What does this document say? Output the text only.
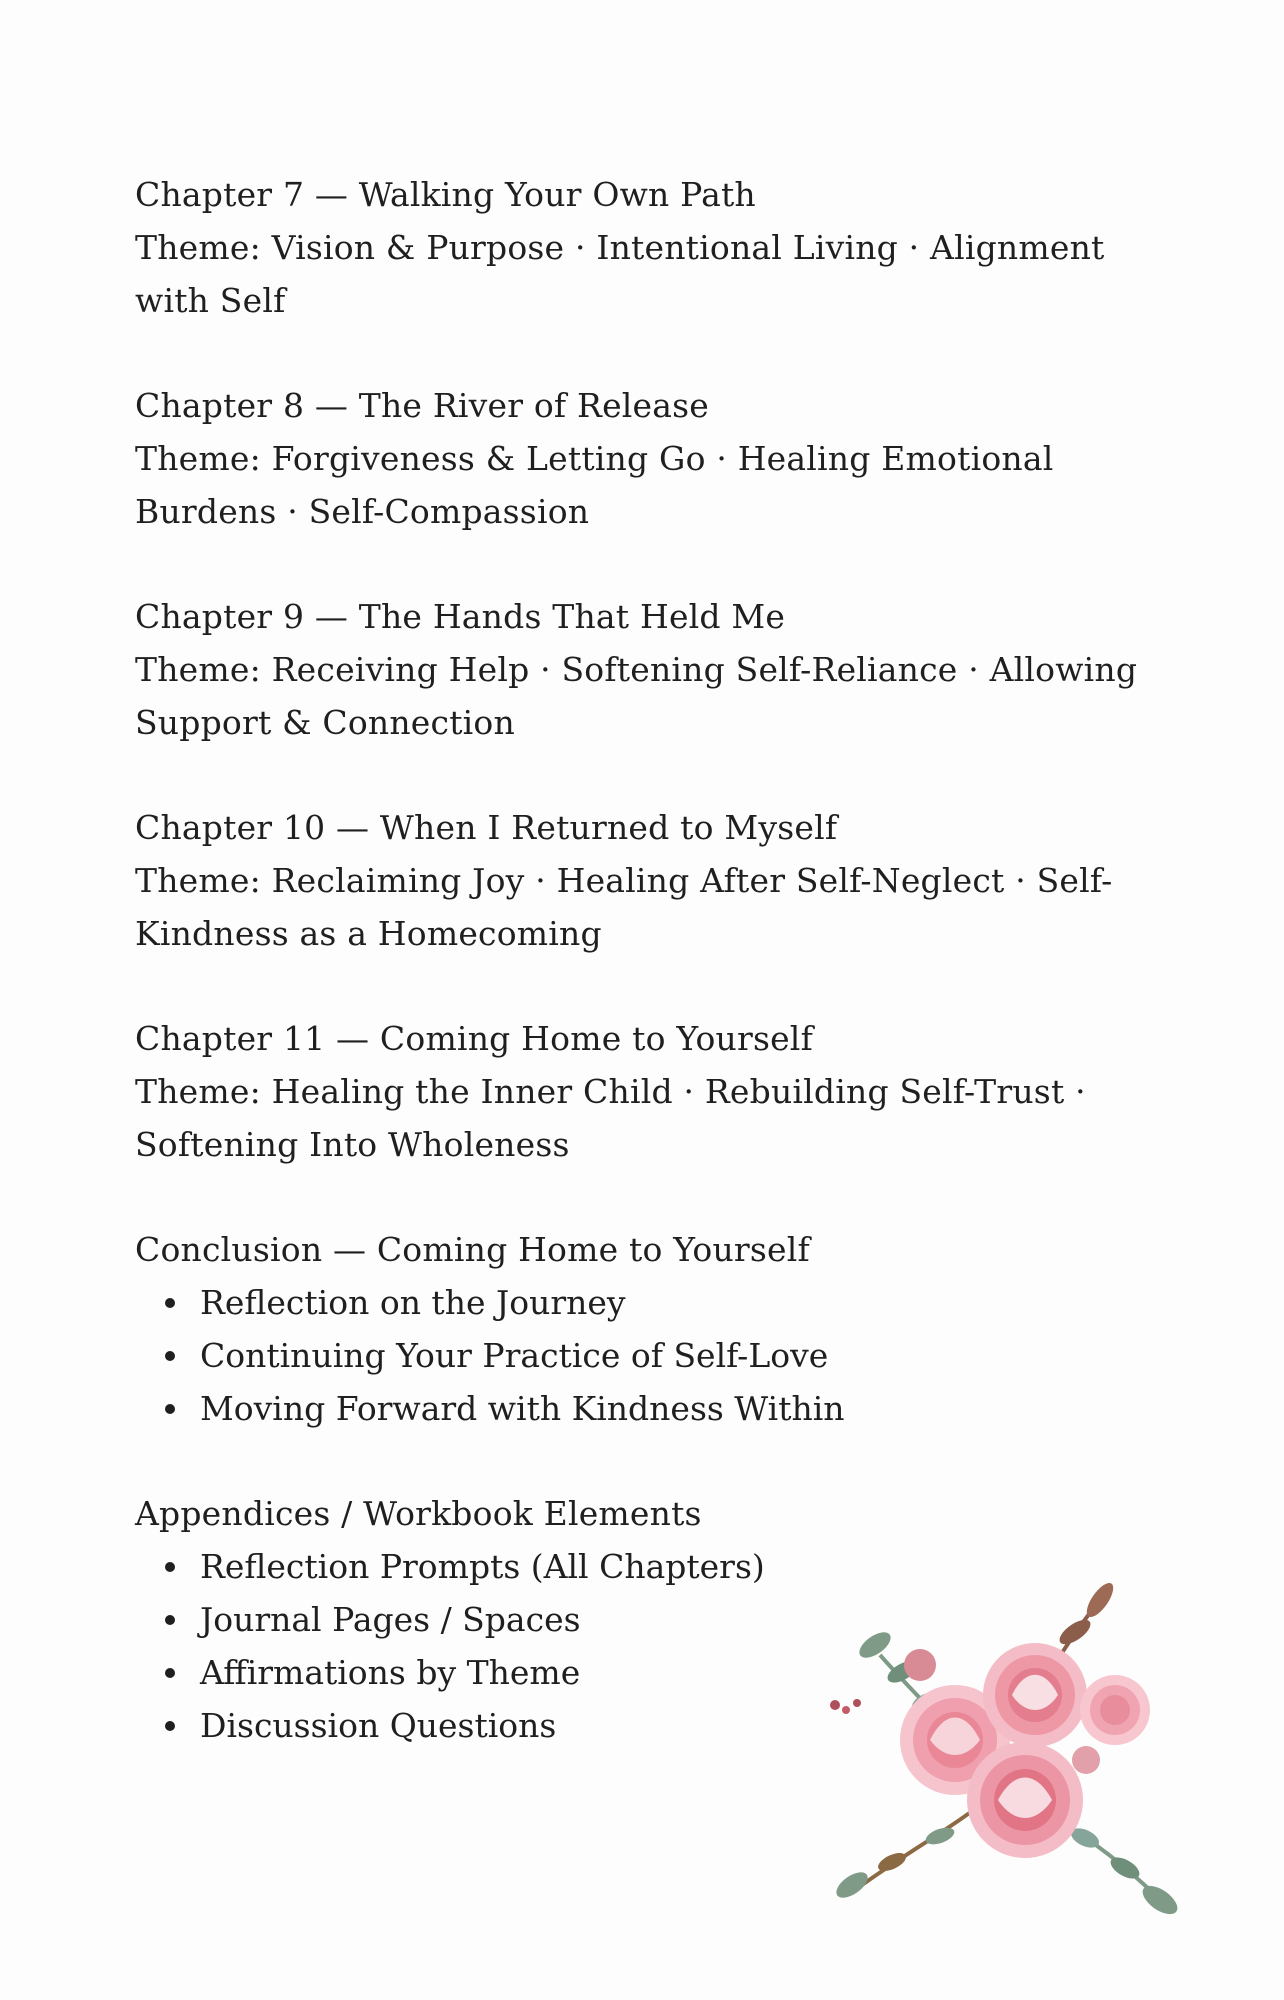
Chapter 7 — Walking Your Own Path
Theme: Vision & Purpose · Intentional Living · Alignment with Self
Chapter 8 — The River of Release
Theme: Forgiveness & Letting Go · Healing Emotional Burdens · Self-Compassion
Chapter 9 — The Hands That Held Me
Theme: Receiving Help · Softening Self-Reliance · Allowing Support & Connection
Chapter 10 — When I Returned to Myself
Theme: Reclaiming Joy · Healing After Self-Neglect · Self-Kindness as a Homecoming
Chapter 11 — Coming Home to Yourself
Theme: Healing the Inner Child · Rebuilding Self-Trust · Softening Into Wholeness
Conclusion — Coming Home to Yourself
Reflection on the Journey
Continuing Your Practice of Self-Love
Moving Forward with Kindness Within
Appendices / Workbook Elements
Reflection Prompts (All Chapters)
Journal Pages / Spaces
Affirmations by Theme
Discussion Questions
